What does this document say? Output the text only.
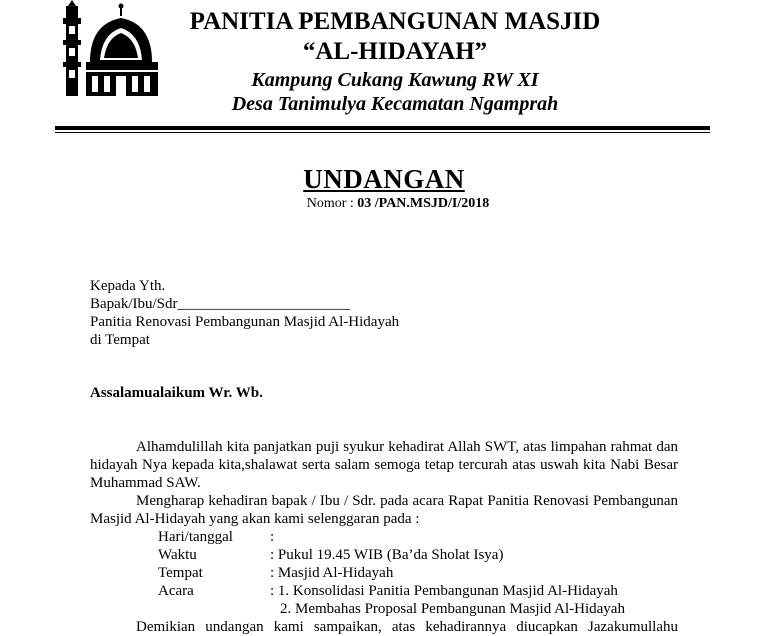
PANITIA PEMBANGUNAN MASJID
“AL-HIDAYAH”
Kampung Cukang Kawung RW XI
Desa Tanimulya Kecamatan Ngamprah
UNDANGAN
Nomor : 03 /PAN.MSJD/I/2018
Kepada Yth.
Bapak/Ibu/Sdr_______________________
Panitia Renovasi Pembangunan Masjid Al-Hidayah
di Tempat
Assalamualaikum Wr. Wb.
Alhamdulillah kita panjatkan puji syukur kehadirat Allah SWT, atas limpahan rahmat dan
hidayah Nya kepada kita,shalawat serta salam semoga tetap tercurah atas uswah kita Nabi Besar
Muhammad SAW.
Mengharap kehadiran bapak / Ibu / Sdr. pada acara Rapat Panitia Renovasi Pembangunan
Masjid Al-Hidayah yang akan kami selenggaran pada :
Hari/tanggal :
Waktu	: Pukul 19.45 WIB (Ba’da Sholat Isya)
Tempat	: Masjid Al-Hidayah
Acara	: 1. Konsolidasi Panitia Pembangunan Masjid Al-Hidayah
2. Membahas Proposal Pembangunan Masjid Al-Hidayah
Demikian undangan kami sampaikan, atas kehadirannya diucapkan Jazakumullahu
